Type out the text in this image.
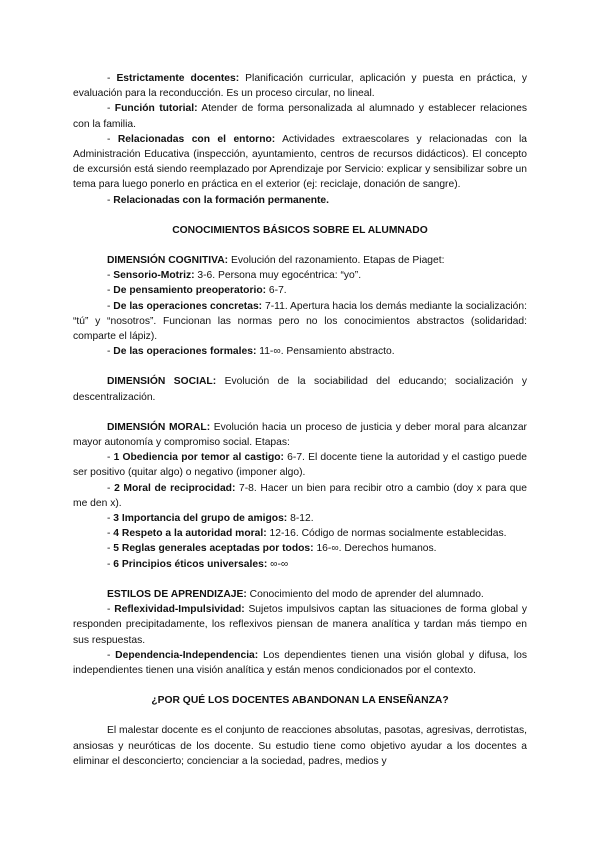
- Estrictamente docentes: Planificación curricular, aplicación y puesta en práctica, y evaluación para la reconducción. Es un proceso circular, no lineal.

- Función tutorial: Atender de forma personalizada al alumnado y establecer relaciones con la familia.

- Relacionadas con el entorno: Actividades extraescolares y relacionadas con la Administración Educativa (inspección, ayuntamiento, centros de recursos didácticos). El concepto de excursión está siendo reemplazado por Aprendizaje por Servicio: explicar y sensibilizar sobre un tema para luego ponerlo en práctica en el exterior (ej: reciclaje, donación de sangre).

- Relacionadas con la formación permanente.

CONOCIMIENTOS BÁSICOS SOBRE EL ALUMNADO

DIMENSIÓN COGNITIVA: Evolución del razonamiento. Etapas de Piaget:

- Sensorio-Motriz: 3-6. Persona muy egocéntrica: “yo”.

- De pensamiento preoperatorio: 6-7.

- De las operaciones concretas: 7-11. Apertura hacia los demás mediante la socialización: “tú” y “nosotros”. Funcionan las normas pero no los conocimientos abstractos (solidaridad: comparte el lápiz).

- De las operaciones formales: 11-∞. Pensamiento abstracto.

DIMENSIÓN SOCIAL: Evolución de la sociabilidad del educando; socialización y descentralización.

DIMENSIÓN MORAL: Evolución hacia un proceso de justicia y deber moral para alcanzar mayor autonomía y compromiso social. Etapas:

- 1 Obediencia por temor al castigo: 6-7. El docente tiene la autoridad y el castigo puede ser positivo (quitar algo) o negativo (imponer algo).

- 2 Moral de reciprocidad: 7-8. Hacer un bien para recibir otro a cambio (doy x para que me den x).

- 3 Importancia del grupo de amigos: 8-12.

- 4 Respeto a la autoridad moral: 12-16. Código de normas socialmente establecidas.

- 5 Reglas generales aceptadas por todos: 16-∞. Derechos humanos.

- 6 Principios éticos universales: ∞-∞

ESTILOS DE APRENDIZAJE: Conocimiento del modo de aprender del alumnado.

- Reflexividad-Impulsividad: Sujetos impulsivos captan las situaciones de forma global y responden precipitadamente, los reflexivos piensan de manera analítica y tardan más tiempo en sus respuestas.

- Dependencia-Independencia: Los dependientes tienen una visión global y difusa, los independientes tienen una visión analítica y están menos condicionados por el contexto.

¿POR QUÉ LOS DOCENTES ABANDONAN LA ENSEÑANZA?

El malestar docente es el conjunto de reacciones absolutas, pasotas, agresivas, derrotistas, ansiosas y neuróticas de los docente. Su estudio tiene como objetivo ayudar a los docentes a eliminar el desconcierto; concienciar a la sociedad, padres, medios y
